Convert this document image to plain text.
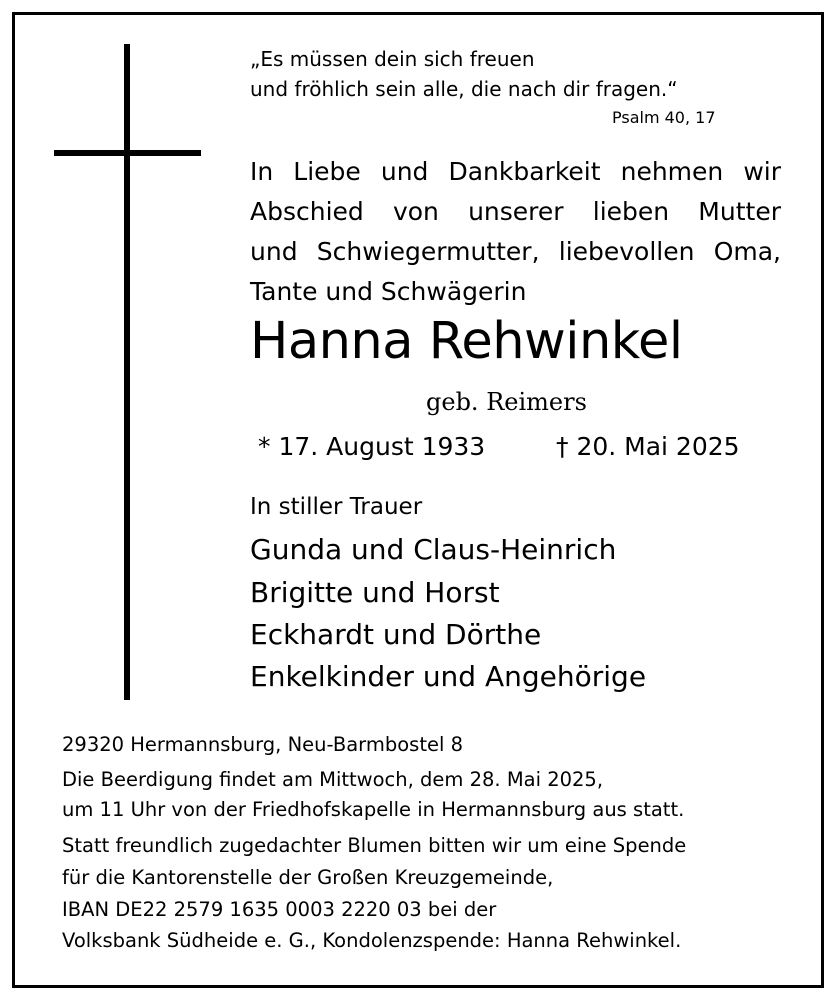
„Es müssen dein sich freuen
und fröhlich sein alle, die nach dir fragen.“
Psalm 40, 17
In Liebe und Dankbarkeit nehmen wir
Abschied von unserer lieben Mutter
und Schwiegermutter, liebevollen Oma,
Tante und Schwägerin
Hanna Rehwinkel
geb. Reimers
* 17. August 1933	† 20. Mai 2025
In stiller Trauer
Gunda und Claus-Heinrich
Brigitte und Horst
Eckhardt und Dörthe
Enkelkinder und Angehörige
29320 Hermannsburg, Neu-Barmbostel 8
Die Beerdigung findet am Mittwoch, dem 28. Mai 2025,
um 11 Uhr von der Friedhofskapelle in Hermannsburg aus statt.
Statt freundlich zugedachter Blumen bitten wir um eine Spende
für die Kantorenstelle der Großen Kreuzgemeinde,
IBAN DE22 2579 1635 0003 2220 03 bei der
Volksbank Südheide e. G., Kondolenzspende: Hanna Rehwinkel.
